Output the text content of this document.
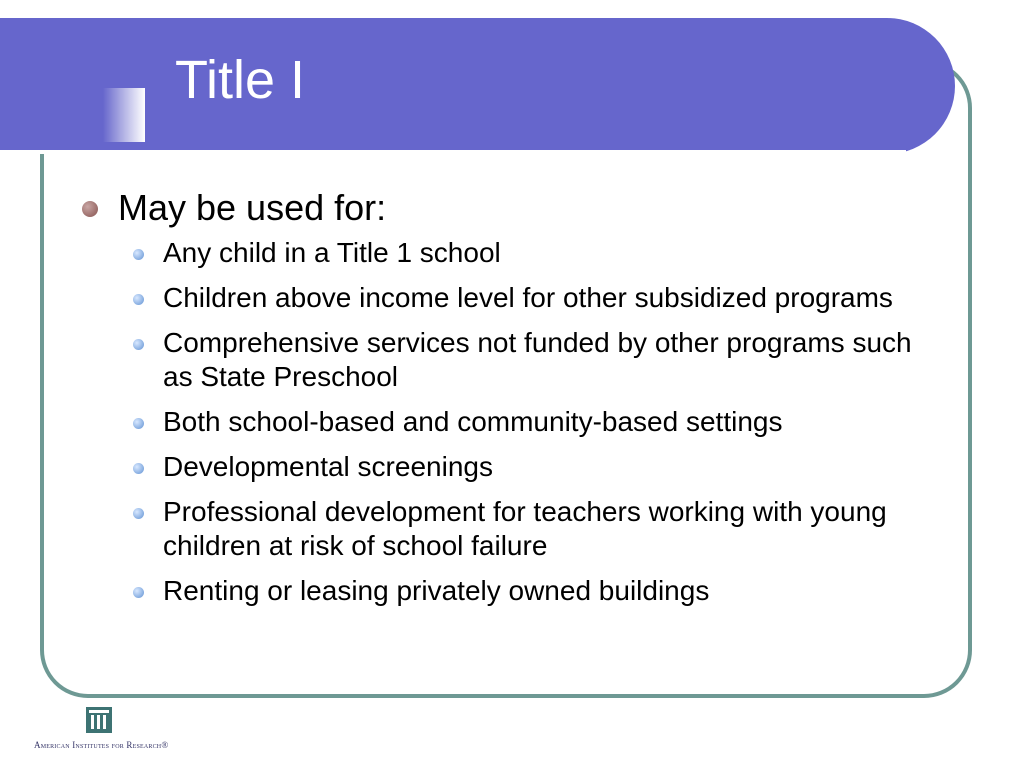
Title I
May be used for:
Any child in a Title 1 school
Children above income level for other subsidized programs
Comprehensive services not funded by other programs such as State Preschool
Both school-based and community-based settings
Developmental screenings
Professional development for teachers working with young children at risk of school failure
Renting or leasing privately owned buildings
American Institutes for Research®
